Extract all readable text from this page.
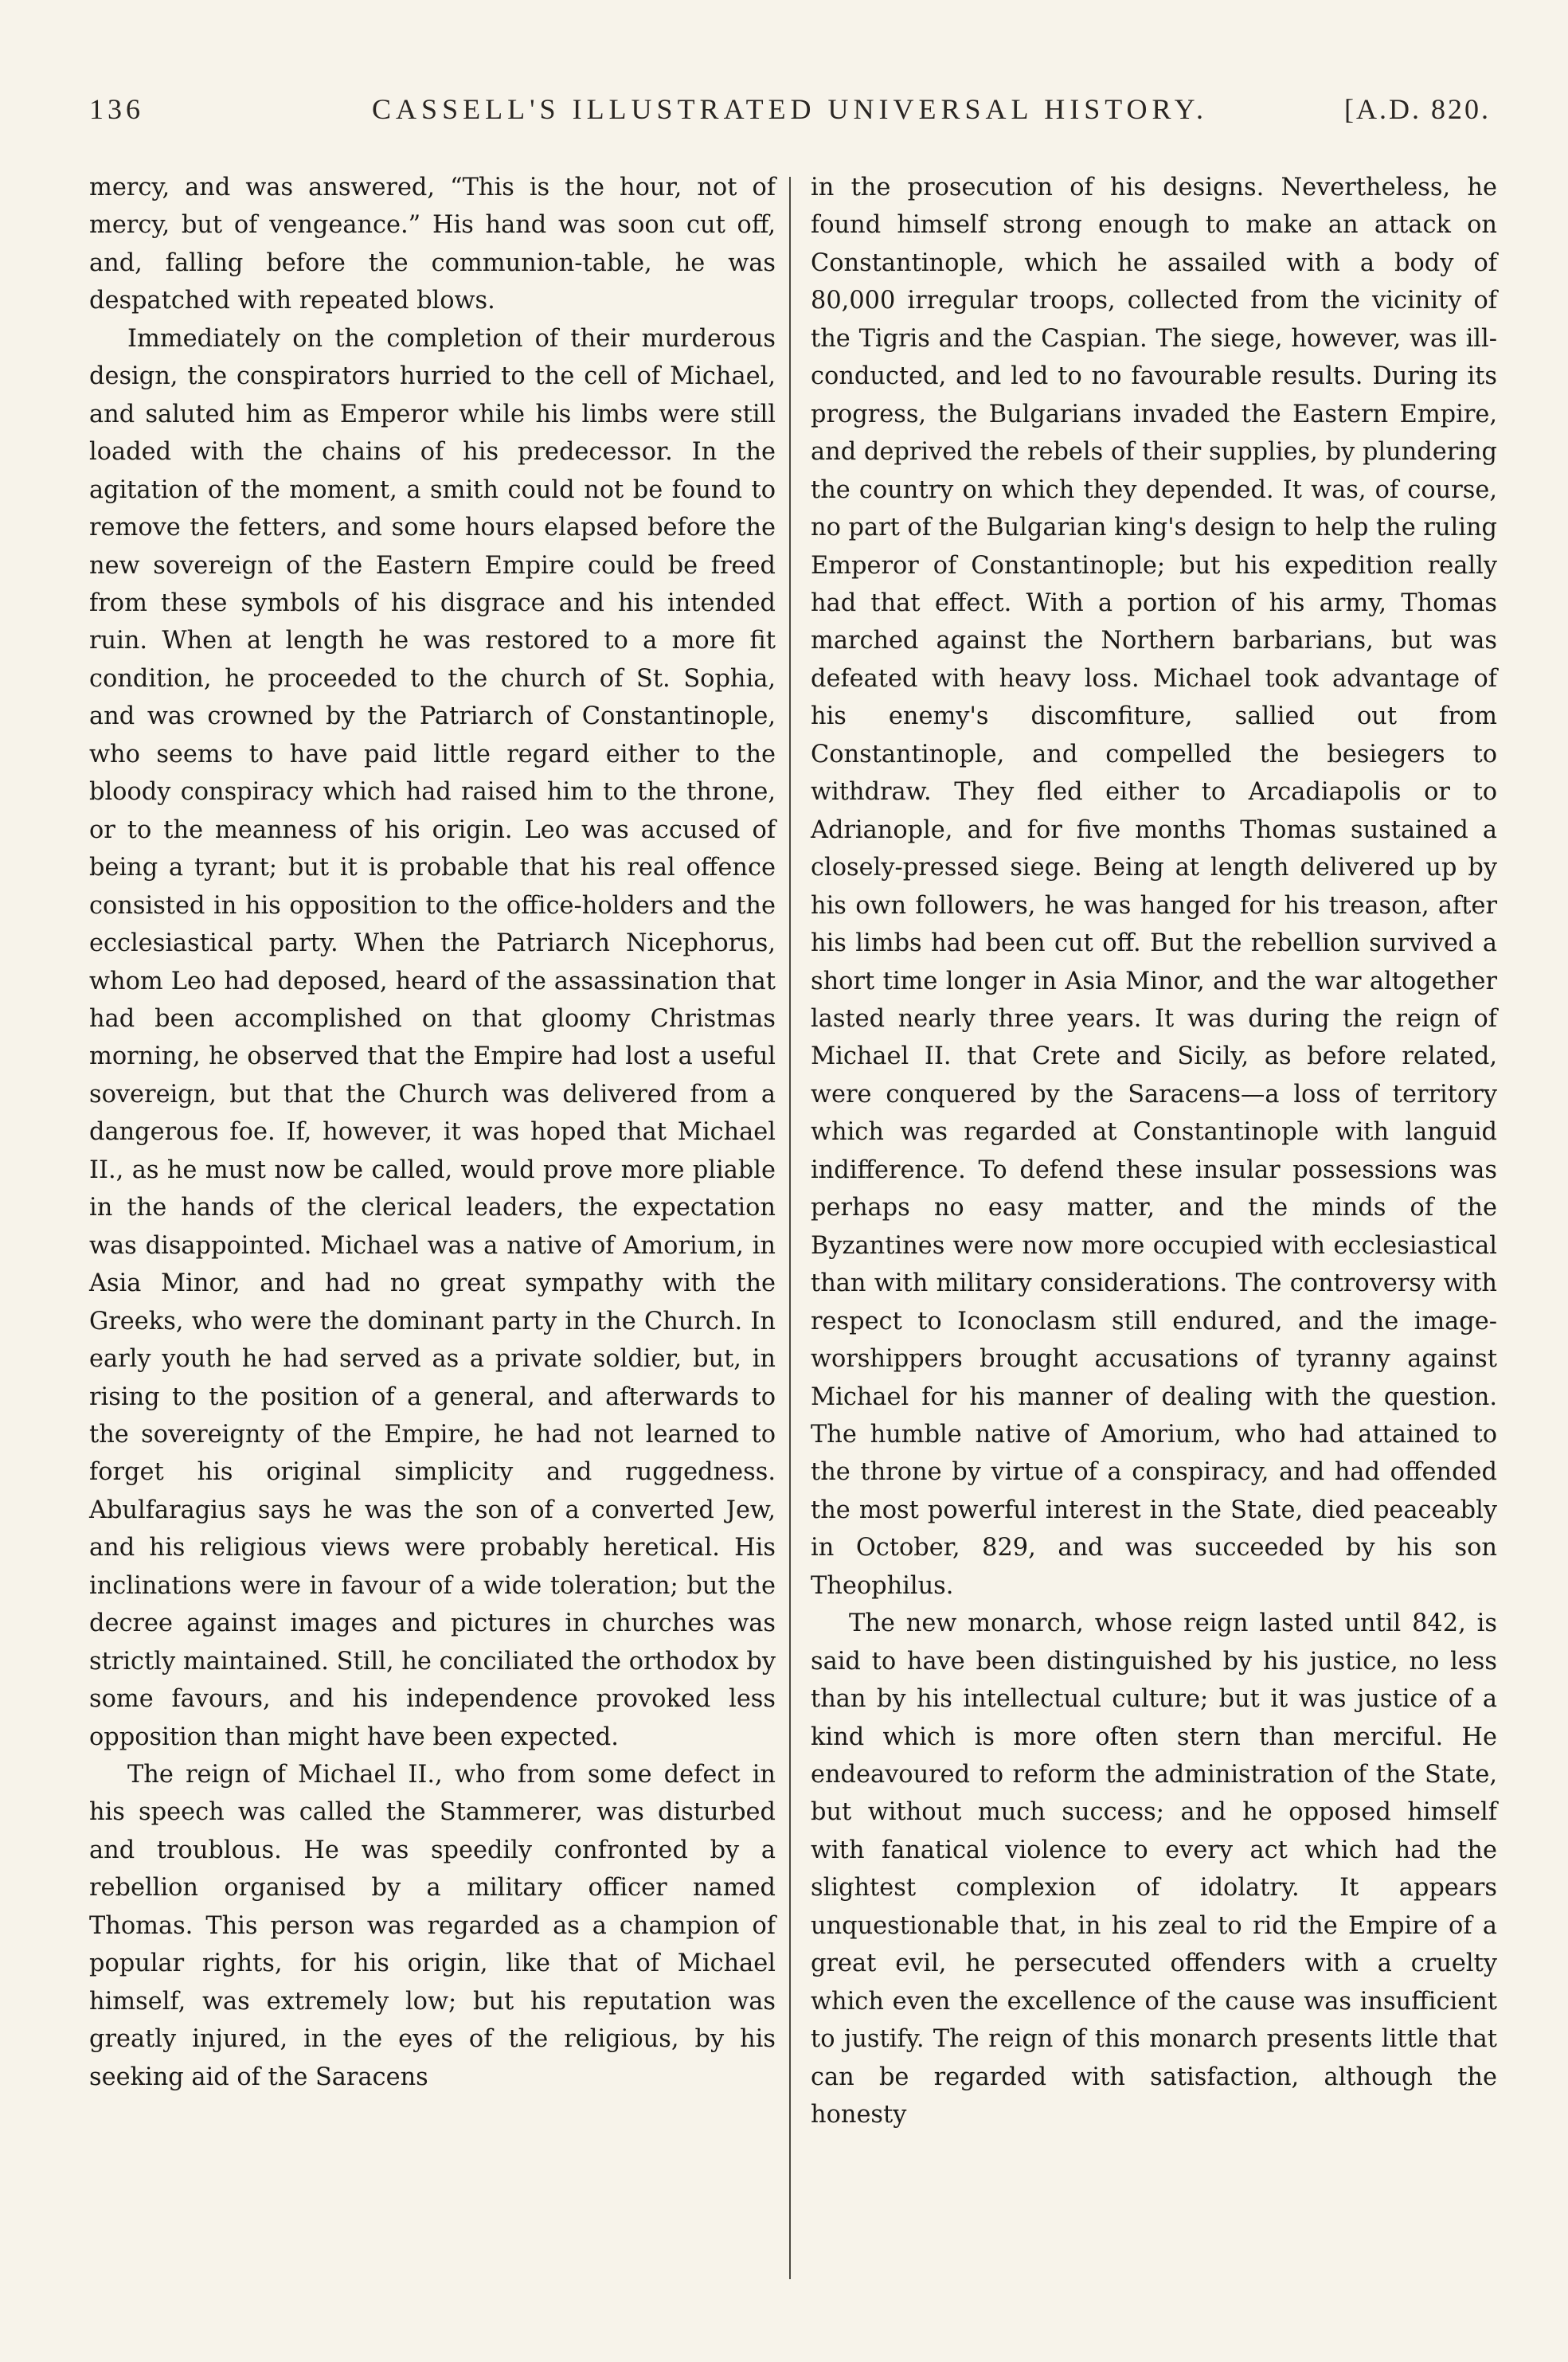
136	CASSELL'S ILLUSTRATED UNIVERSAL HISTORY.	[A.D. 820.

mercy, and was answered, “This is the hour, not of mercy, but of vengeance.” His hand was soon cut off, and, falling before the communion-table, he was despatched with repeated blows.

Immediately on the completion of their murderous design, the conspirators hurried to the cell of Michael, and saluted him as Emperor while his limbs were still loaded with the chains of his predecessor. In the agitation of the moment, a smith could not be found to remove the fetters, and some hours elapsed before the new sovereign of the Eastern Empire could be freed from these symbols of his disgrace and his intended ruin. When at length he was restored to a more fit condition, he proceeded to the church of St. Sophia, and was crowned by the Patriarch of Constantinople, who seems to have paid little regard either to the bloody conspiracy which had raised him to the throne, or to the meanness of his origin. Leo was accused of being a tyrant; but it is probable that his real offence consisted in his opposition to the office-holders and the ecclesiastical party. When the Patriarch Nicephorus, whom Leo had deposed, heard of the assassination that had been accomplished on that gloomy Christmas morning, he observed that the Empire had lost a useful sovereign, but that the Church was delivered from a dangerous foe. If, however, it was hoped that Michael II., as he must now be called, would prove more pliable in the hands of the clerical leaders, the expectation was disappointed. Michael was a native of Amorium, in Asia Minor, and had no great sympathy with the Greeks, who were the dominant party in the Church. In early youth he had served as a private soldier, but, in rising to the position of a general, and afterwards to the sovereignty of the Empire, he had not learned to forget his original simplicity and ruggedness. Abulfaragius says he was the son of a converted Jew, and his religious views were probably heretical. His inclinations were in favour of a wide toleration; but the decree against images and pictures in churches was strictly maintained. Still, he conciliated the orthodox by some favours, and his independence provoked less opposition than might have been expected.

The reign of Michael II., who from some defect in his speech was called the Stammerer, was disturbed and troublous. He was speedily confronted by a rebellion organised by a military officer named Thomas. This person was regarded as a champion of popular rights, for his origin, like that of Michael himself, was extremely low; but his reputation was greatly injured, in the eyes of the religious, by his seeking aid of the Saracens

in the prosecution of his designs. Nevertheless, he found himself strong enough to make an attack on Constantinople, which he assailed with a body of 80,000 irregular troops, collected from the vicinity of the Tigris and the Caspian. The siege, however, was ill-conducted, and led to no favourable results. During its progress, the Bulgarians invaded the Eastern Empire, and deprived the rebels of their supplies, by plundering the country on which they depended. It was, of course, no part of the Bulgarian king's design to help the ruling Emperor of Constantinople; but his expedition really had that effect. With a portion of his army, Thomas marched against the Northern barbarians, but was defeated with heavy loss. Michael took advantage of his enemy's discomfiture, sallied out from Constantinople, and compelled the besiegers to withdraw. They fled either to Arcadiapolis or to Adrianople, and for five months Thomas sustained a closely-pressed siege. Being at length delivered up by his own followers, he was hanged for his treason, after his limbs had been cut off. But the rebellion survived a short time longer in Asia Minor, and the war altogether lasted nearly three years. It was during the reign of Michael II. that Crete and Sicily, as before related, were conquered by the Saracens—a loss of territory which was regarded at Constantinople with languid indifference. To defend these insular possessions was perhaps no easy matter, and the minds of the Byzantines were now more occupied with ecclesiastical than with military considerations. The controversy with respect to Iconoclasm still endured, and the image-worshippers brought accusations of tyranny against Michael for his manner of dealing with the question. The humble native of Amorium, who had attained to the throne by virtue of a conspiracy, and had offended the most powerful interest in the State, died peaceably in October, 829, and was succeeded by his son Theophilus.

The new monarch, whose reign lasted until 842, is said to have been distinguished by his justice, no less than by his intellectual culture; but it was justice of a kind which is more often stern than merciful. He endeavoured to reform the administration of the State, but without much success; and he opposed himself with fanatical violence to every act which had the slightest complexion of idolatry. It appears unquestionable that, in his zeal to rid the Empire of a great evil, he persecuted offenders with a cruelty which even the excellence of the cause was insufficient to justify. The reign of this monarch presents little that can be regarded with satisfaction, although the honesty
